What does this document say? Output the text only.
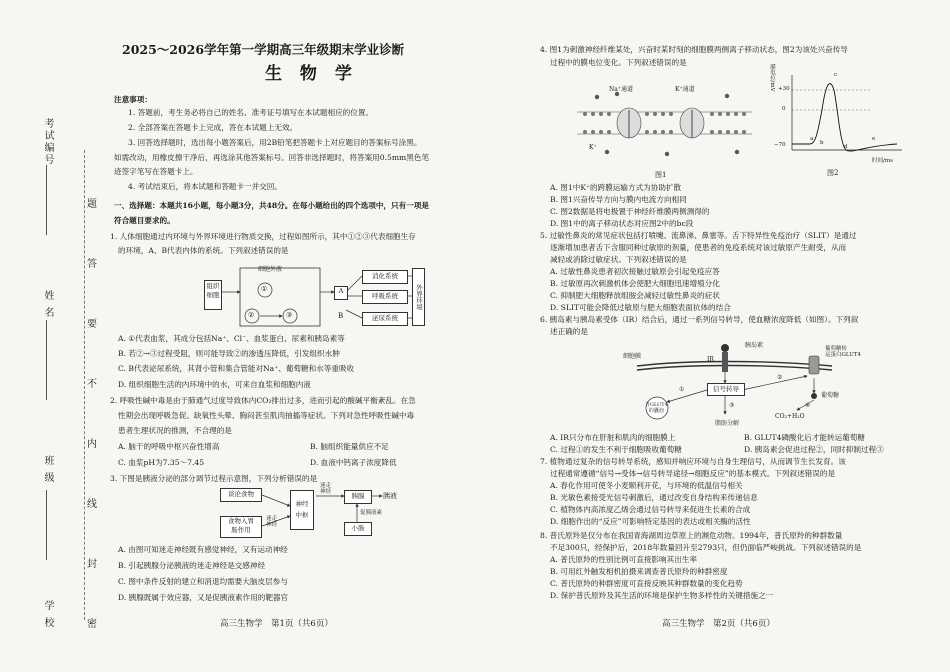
考试编号
姓 名
班 级
学 校
题
答
要
不
内
线
封
密
2025～2026学年第一学期高三年级期末学业诊断
生 物 学
注意事项：
1. 答题前，考生务必将自己的姓名、准考证号填写在本试题相应的位置。
2. 全部答案在答题卡上完成，答在本试题上无效。
3. 回答选择题时，选出每小题答案后，用2B铅笔把答题卡上对应题目的答案标号涂黑。
如需改动，用橡皮擦干净后，再选涂其他答案标号。回答非选择题时，将答案用0.5mm黑色笔
迹签字笔写在答题卡上。
4. 考试结束后，将本试题和答题卡一并交回。
一、选择题：本题共16小题，每小题3分，共48分。在每小题给出的四个选项中，只有一项是
符合题目要求的。
1. 人体细胞通过内环境与外界环境进行物质交换，过程如图所示，其中①②③代表细胞生存
的环境，A、B代表内体的系统。下列叙述错误的是
组织细胞
细胞外液
①
②	③
A
B
消化系统
呼吸系统
泌尿系统
外界环境
A. ①代表血浆，其成分包括Na⁺、Cl⁻、血浆蛋白、尿素和胰岛素等
B. 若②→③过程受阻，则可能导致②的渗透压降低，引发组织水肿
C. B代表泌尿系统，其肾小管和集合管能对Na⁺、葡萄糖和水等重吸收
D. 组织细胞生活的内环境中的水，可来自血浆和细胞内液
2. 呼吸性碱中毒是由于肺通气过度导致体内CO₂排出过多，进而引起的酸碱平衡紊乱。在急
性期会出现呼吸急促、缺氧性头晕、胸闷甚至肌肉抽搐等症状。下列对急性呼吸性碱中毒
患者生理状况的推测，不合理的是
A. 脑干的呼吸中枢兴奋性增高	B. 脑组织能量供应不足
C. 血浆pH为7.35～7.45	D. 血液中钙离子浓度降低
3. 下图是胰液分泌的部分调节过程示意图，下列分析错误的是
谈论食物
食物入胃
肠作用
神经
中枢
迷走
神经
迷走
神经
胰腺	胰液
促胰液素
小肠
A. 由图可知迷走神经既有感觉神经，又有运动神经
B. 引起胰腺分泌胰液的迷走神经是交感神经
C. 图中条件反射的建立和消退均需要大脑皮层参与
D. 胰腺既属于效应器，又是促胰液素作用的靶器官
高三生物学　第1页（共6页）
4. 图1为刺激神经纤维某处，兴奋时某时刻的细胞膜两侧离子移动状态，图2为该处兴奋传导
过程中的膜电位变化。下列叙述错误的是
Na⁺通道	K⁺通道
K⁺
图1
膜电位/mV +30
0
−70
a
b
c
d
e
时间/ms
图2
A. 图1中K⁺的跨膜运输方式为协助扩散
B. 图1兴奋传导方向与膜内电流方向相同
C. 图2数据是将电极置于神经纤维膜两侧测得的
D. 图1中的离子移动状态对应图2中的bc段
5. 过敏性鼻炎的常见症状包括打喷嚏、流鼻涕、鼻塞等。舌下特异性免疫治疗（SLIT）是通过
逐渐增加患者舌下含服同种过敏原的剂量，使患者的免疫系统对该过敏原产生耐受，从而
减轻或消除过敏症状。下列叙述错误的是
A. 过敏性鼻炎患者初次接触过敏原会引起免疫应答
B. 过敏原再次刺激机体会使肥大细胞迅速增殖分化
C. 抑制肥大细胞释放组胺会减轻过敏性鼻炎的症状
D. SLIT可能会降低过敏原与肥大细胞表面抗体的结合
6. 胰岛素与胰岛素受体（IR）结合后，通过一系列信号转导，使血糖浓度降低（如图）。下列叙
述正确的是
细胞膜	IR
胰岛素	葡萄糖转
运蛋白GLUT4
信号转导
①
②
③	④
含GLUT4
的囊泡
脂肪分解
葡萄糖
CO₂+H₂O
A. IR只分布在肝脏和肌肉的细胞膜上	B. GLUT4磷酸化后才能转运葡萄糖
C. 过程①的发生不利于细胞吸收葡萄糖	D. 胰岛素会促进过程②，同时抑制过程③
7. 植物通过复杂的信号转导系统，感知并响应环境与自身生理信号，从而调节生长发育。该
过程通常遵循“信号→受体→信号转导途径→细胞反应”的基本模式。下列叙述错误的是
A. 春化作用可使冬小麦顺利开花，与环境的低温信号相关
B. 光敏色素接受光信号刺激后，通过改变自身结构来传递信息
C. 植物体内高浓度乙烯会通过信号转导来促进生长素的合成
D. 细胞作出的“反应”可影响特定基因的表达或相关酶的活性
8. 普氏原羚是仅分布在我国青海湖周边草原上的濒危动物。1994年，普氏原羚的种群数量
不足300只，经保护后，2018年数量回升至2793只，但仍面临严峻挑战。下列叙述错误的是
A. 普氏原羚的性别比例可直接影响其出生率
B. 可用红外触发相机拍摄来调查普氏原羚的种群密度
C. 普氏原羚的种群密度可直接反映其种群数量的变化趋势
D. 保护普氏原羚及其生活的环境是保护生物多样性的关键措施之一
高三生物学　第2页（共6页）
